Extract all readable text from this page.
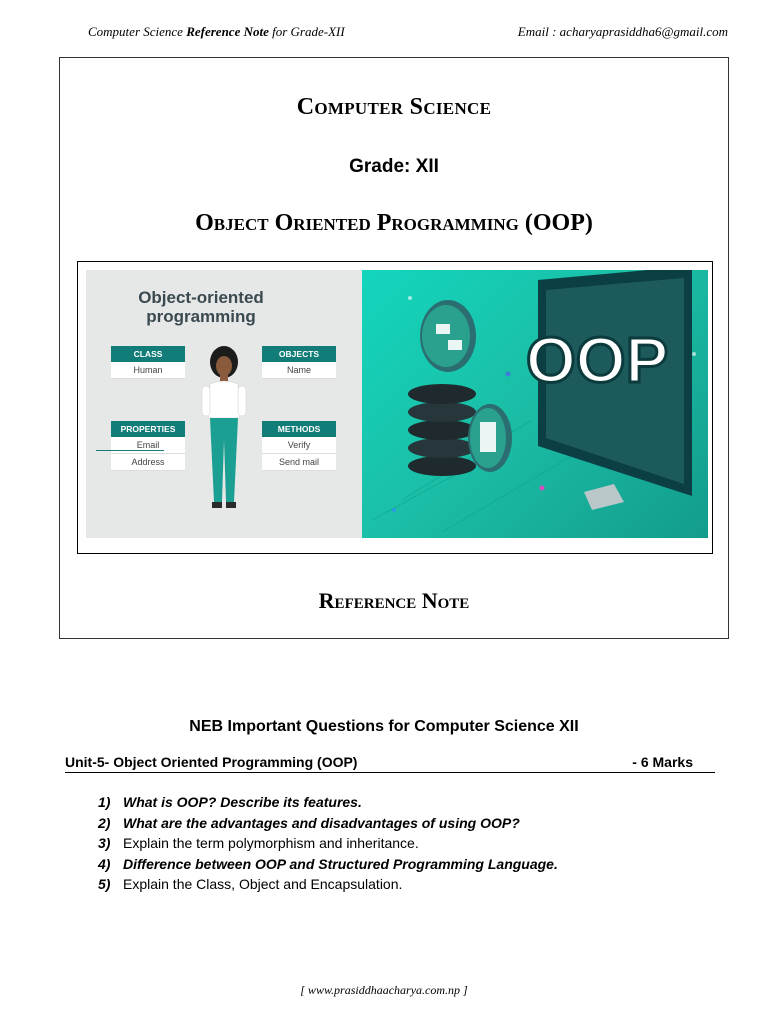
Computer Science Reference Note for Grade-XII	Email : acharyaprasiddha6@gmail.com
Computer Science
Grade: XII
Object Oriented Programming (OOP)
Object-oriented
programming
CLASS
Human
OBJECTS
Name
PROPERTIES
Email
Address
METHODS
Verify
Send mail
OOP
Reference Note
NEB Important Questions for Computer Science XII
Unit-5- Object Oriented Programming (OOP)	- 6 Marks
1) What is OOP? Describe its features.
2) What are the advantages and disadvantages of using OOP?
3) Explain the term polymorphism and inheritance.
4) Difference between OOP and Structured Programming Language.
5) Explain the Class, Object and Encapsulation.
[ www.prasiddhaacharya.com.np ]
